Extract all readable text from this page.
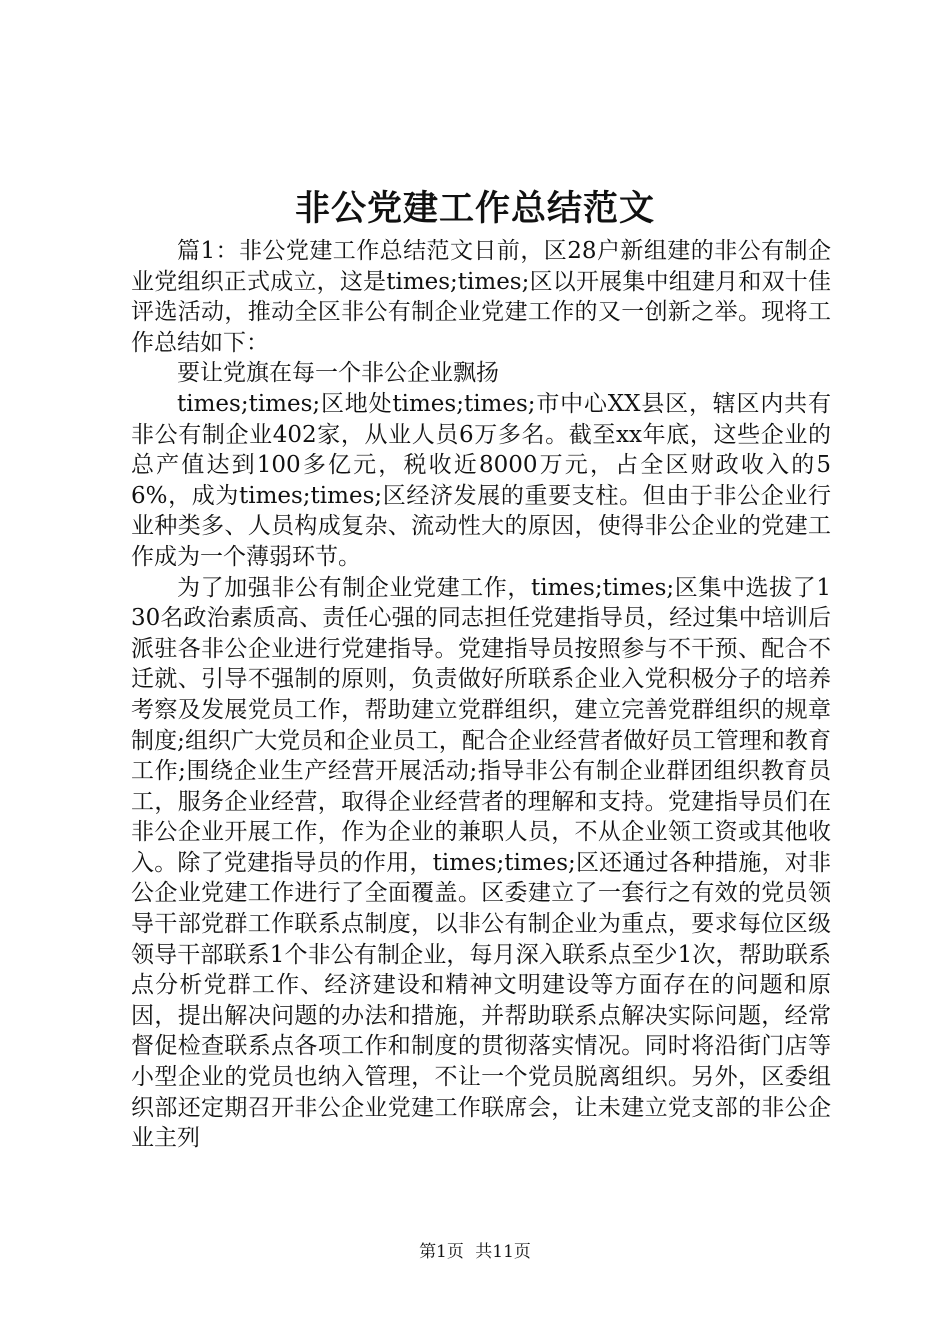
非公党建工作总结范文

篇1：非公党建工作总结范文日前，区28户新组建的非公有制企业党组织正式成立，这是times;times;区以开展集中组建月和双十佳评选活动，推动全区非公有制企业党建工作的又一创新之举。现将工作总结如下：

要让党旗在每一个非公企业飘扬

times;times;区地处times;times;市中心XX县区，辖区内共有非公有制企业402家，从业人员6万多名。截至xx年底，这些企业的总产值达到100多亿元，税收近8000万元，占全区财政收入的56%，成为times;times;区经济发展的重要支柱。但由于非公企业行业种类多、人员构成复杂、流动性大的原因，使得非公企业的党建工作成为一个薄弱环节。

为了加强非公有制企业党建工作，times;times;区集中选拔了130名政治素质高、责任心强的同志担任党建指导员，经过集中培训后派驻各非公企业进行党建指导。党建指导员按照参与不干预、配合不迁就、引导不强制的原则，负责做好所联系企业入党积极分子的培养考察及发展党员工作，帮助建立党群组织，建立完善党群组织的规章制度;组织广大党员和企业员工，配合企业经营者做好员工管理和教育工作;围绕企业生产经营开展活动;指导非公有制企业群团组织教育员工，服务企业经营，取得企业经营者的理解和支持。党建指导员们在非公企业开展工作，作为企业的兼职人员，不从企业领工资或其他收入。除了党建指导员的作用，times;times;区还通过各种措施，对非公企业党建工作进行了全面覆盖。区委建立了一套行之有效的党员领导干部党群工作联系点制度，以非公有制企业为重点，要求每位区级领导干部联系1个非公有制企业，每月深入联系点至少1次，帮助联系点分析党群工作、经济建设和精神文明建设等方面存在的问题和原因，提出解决问题的办法和措施，并帮助联系点解决实际问题，经常督促检查联系点各项工作和制度的贯彻落实情况。同时将沿街门店等小型企业的党员也纳入管理，不让一个党员脱离组织。另外，区委组织部还定期召开非公企业党建工作联席会，让未建立党支部的非公企业主列

第1页 共11页
